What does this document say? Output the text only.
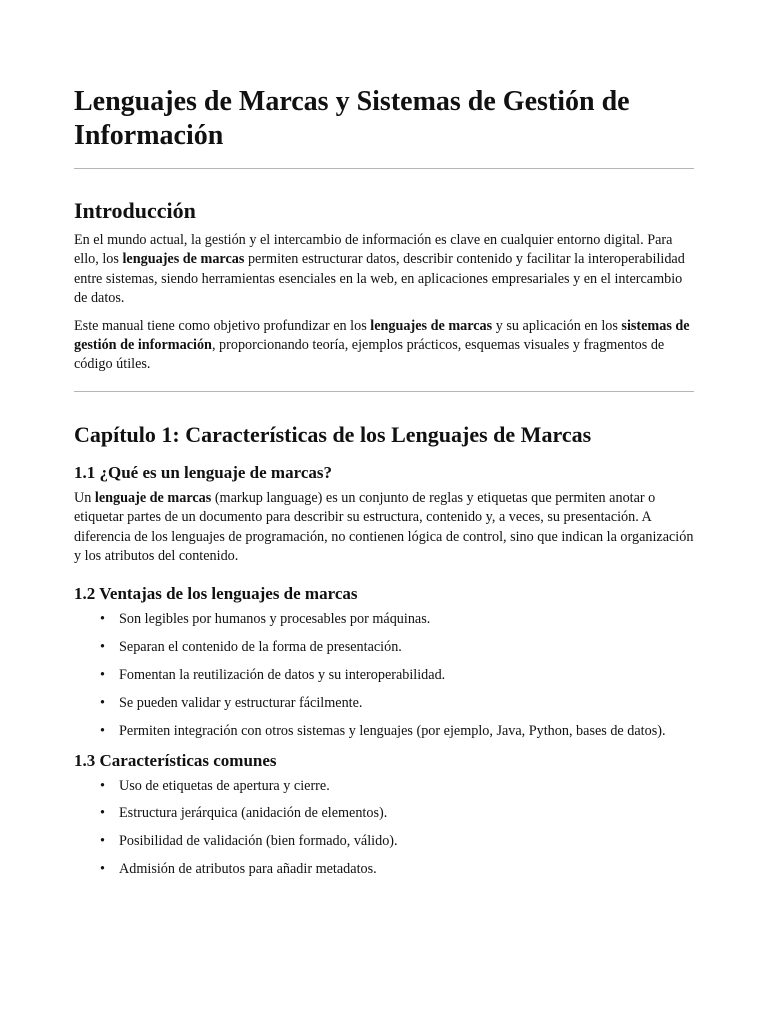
Lenguajes de Marcas y Sistemas de Gestión de Información
Introducción

En el mundo actual, la gestión y el intercambio de información es clave en cualquier entorno digital. Para ello, los lenguajes de marcas permiten estructurar datos, describir contenido y facilitar la interoperabilidad entre sistemas, siendo herramientas esenciales en la web, en aplicaciones empresariales y en el intercambio de datos.

Este manual tiene como objetivo profundizar en los lenguajes de marcas y su aplicación en los sistemas de gestión de información, proporcionando teoría, ejemplos prácticos, esquemas visuales y fragmentos de código útiles.

Capítulo 1: Características de los Lenguajes de Marcas
1.1 ¿Qué es un lenguaje de marcas?

Un lenguaje de marcas (markup language) es un conjunto de reglas y etiquetas que permiten anotar o etiquetar partes de un documento para describir su estructura, contenido y, a veces, su presentación. A diferencia de los lenguajes de programación, no contienen lógica de control, sino que indican la organización y los atributos del contenido.

1.2 Ventajas de los lenguajes de marcas
• Son legibles por humanos y procesables por máquinas.
• Separan el contenido de la forma de presentación.
• Fomentan la reutilización de datos y su interoperabilidad.
• Se pueden validar y estructurar fácilmente.
• Permiten integración con otros sistemas y lenguajes (por ejemplo, Java, Python, bases de datos).
1.3 Características comunes
• Uso de etiquetas de apertura y cierre.
• Estructura jerárquica (anidación de elementos).
• Posibilidad de validación (bien formado, válido).
• Admisión de atributos para añadir metadatos.
